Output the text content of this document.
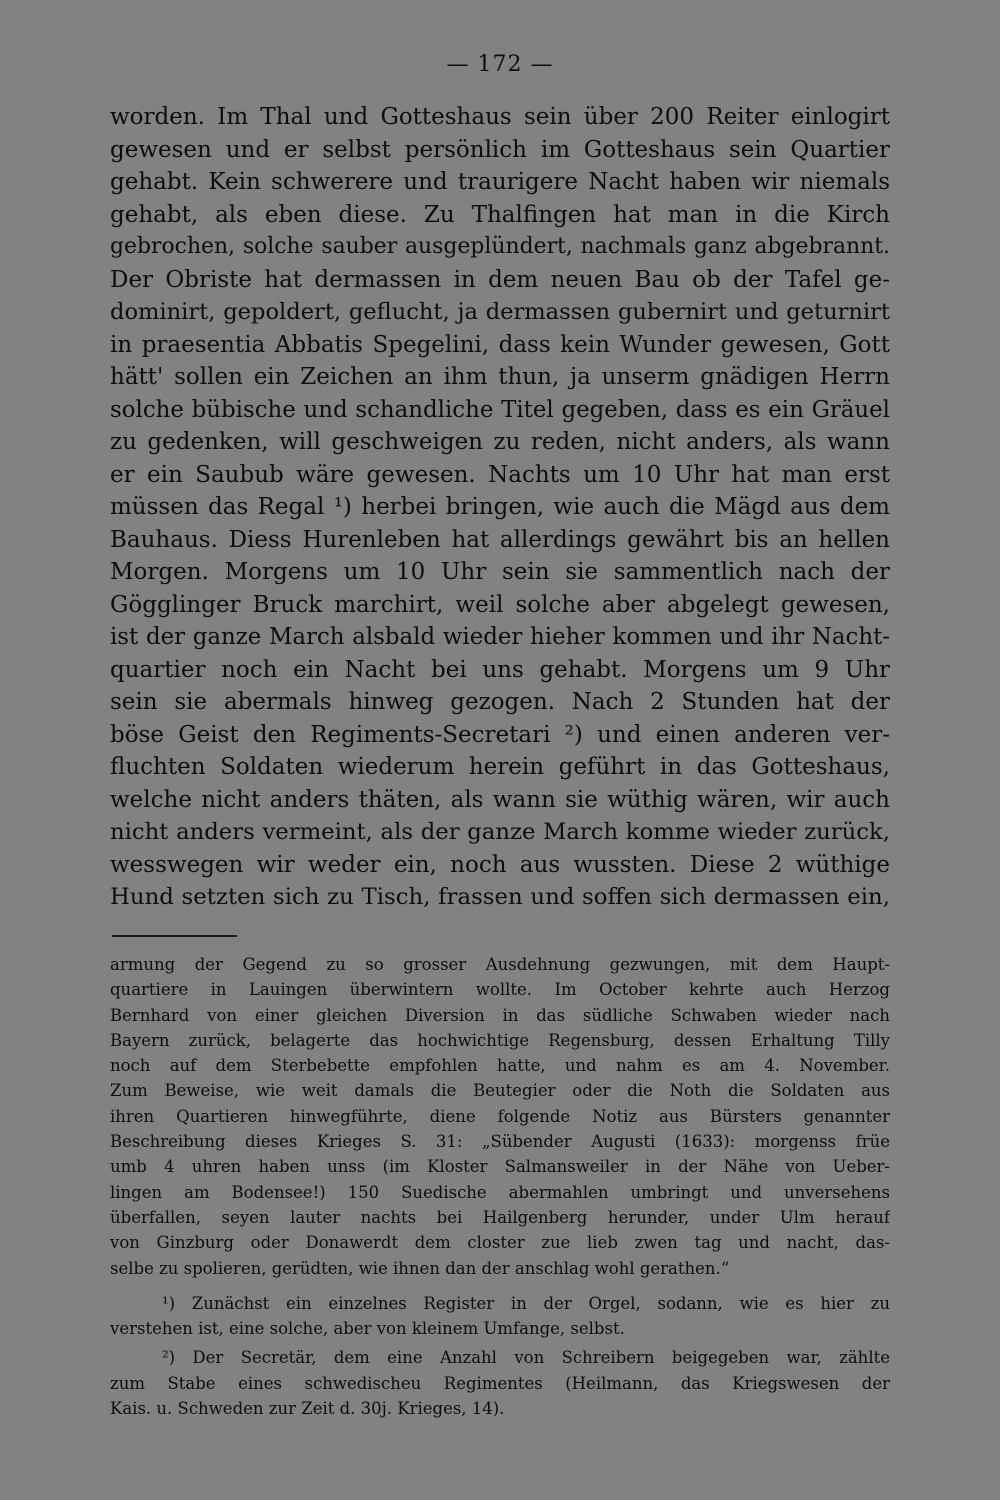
— 172 —
worden. Im Thal und Gotteshaus sein über 200 Reiter einlogirt
gewesen und er selbst persönlich im Gotteshaus sein Quartier
gehabt. Kein schwerere und traurigere Nacht haben wir niemals
gehabt, als eben diese. Zu Thalfingen hat man in die Kirch
gebrochen, solche sauber ausgeplündert, nachmals ganz abgebrannt.
Der Obriste hat dermassen in dem neuen Bau ob der Tafel ge-
dominirt, gepoldert, geflucht, ja dermassen gubernirt und geturnirt
in praesentia Abbatis Spegelini, dass kein Wunder gewesen, Gott
hätt' sollen ein Zeichen an ihm thun, ja unserm gnädigen Herrn
solche bübische und schandliche Titel gegeben, dass es ein Gräuel
zu gedenken, will geschweigen zu reden, nicht anders, als wann
er ein Saubub wäre gewesen. Nachts um 10 Uhr hat man erst
müssen das Regal ¹) herbei bringen, wie auch die Mägd aus dem
Bauhaus. Diess Hurenleben hat allerdings gewährt bis an hellen
Morgen. Morgens um 10 Uhr sein sie sammentlich nach der
Gögglinger Bruck marchirt, weil solche aber abgelegt gewesen,
ist der ganze March alsbald wieder hieher kommen und ihr Nacht-
quartier noch ein Nacht bei uns gehabt. Morgens um 9 Uhr
sein sie abermals hinweg gezogen. Nach 2 Stunden hat der
böse Geist den Regiments-Secretari ²) und einen anderen ver-
fluchten Soldaten wiederum herein geführt in das Gotteshaus,
welche nicht anders thäten, als wann sie wüthig wären, wir auch
nicht anders vermeint, als der ganze March komme wieder zurück,
wesswegen wir weder ein, noch aus wussten. Diese 2 wüthige
Hund setzten sich zu Tisch, frassen und soffen sich dermassen ein,
armung der Gegend zu so grosser Ausdehnung gezwungen, mit dem Haupt-
quartiere in Lauingen überwintern wollte. Im October kehrte auch Herzog
Bernhard von einer gleichen Diversion in das südliche Schwaben wieder nach
Bayern zurück, belagerte das hochwichtige Regensburg, dessen Erhaltung Tilly
noch auf dem Sterbebette empfohlen hatte, und nahm es am 4. November.
Zum Beweise, wie weit damals die Beutegier oder die Noth die Soldaten aus
ihren Quartieren hinwegführte, diene folgende Notiz aus Bürsters genannter
Beschreibung dieses Krieges S. 31: „Sübender Augusti (1633): morgenss früe
umb 4 uhren haben unss (im Kloster Salmansweiler in der Nähe von Ueber-
lingen am Bodensee!) 150 Suedische abermahlen umbringt und unversehens
überfallen, seyen lauter nachts bei Hailgenberg herunder, under Ulm herauf
von Ginzburg oder Donawerdt dem closter zue lieb zwen tag und nacht, das-
selbe zu spolieren, gerüdten, wie ihnen dan der anschlag wohl gerathen.“
¹) Zunächst ein einzelnes Register in der Orgel, sodann, wie es hier zu
verstehen ist, eine solche, aber von kleinem Umfange, selbst.
²) Der Secretär, dem eine Anzahl von Schreibern beigegeben war, zählte
zum Stabe eines schwedischeu Regimentes (Heilmann, das Kriegswesen der
Kais. u. Schweden zur Zeit d. 30j. Krieges, 14).
